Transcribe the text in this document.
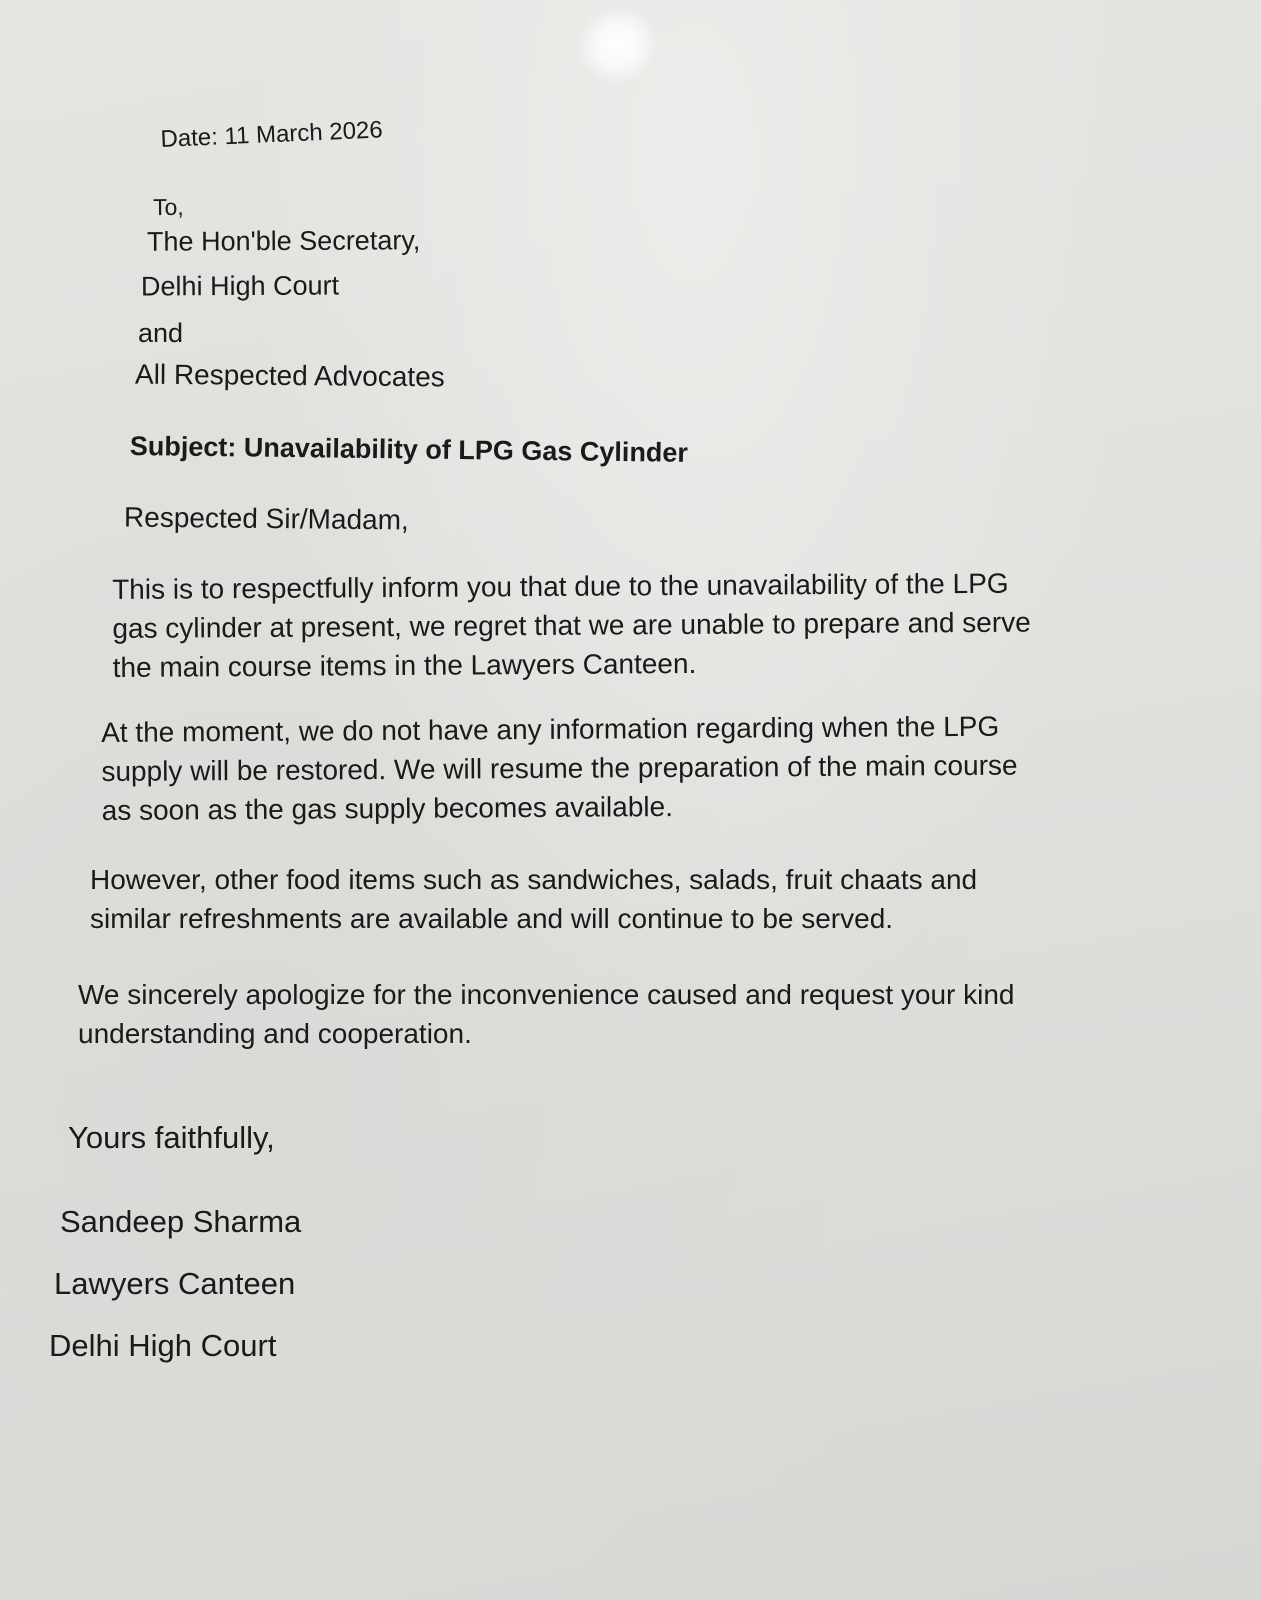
Date: 11 March 2026
To,
The Hon'ble Secretary,
Delhi High Court
and
All Respected Advocates
Subject: Unavailability of LPG Gas Cylinder
Respected Sir/Madam,
This is to respectfully inform you that due to the unavailability of the LPG
gas cylinder at present, we regret that we are unable to prepare and serve
the main course items in the Lawyers Canteen.
At the moment, we do not have any information regarding when the LPG
supply will be restored. We will resume the preparation of the main course
as soon as the gas supply becomes available.
However, other food items such as sandwiches, salads, fruit chaats and
similar refreshments are available and will continue to be served.
We sincerely apologize for the inconvenience caused and request your kind
understanding and cooperation.
Yours faithfully,
Sandeep Sharma
Lawyers Canteen
Delhi High Court
